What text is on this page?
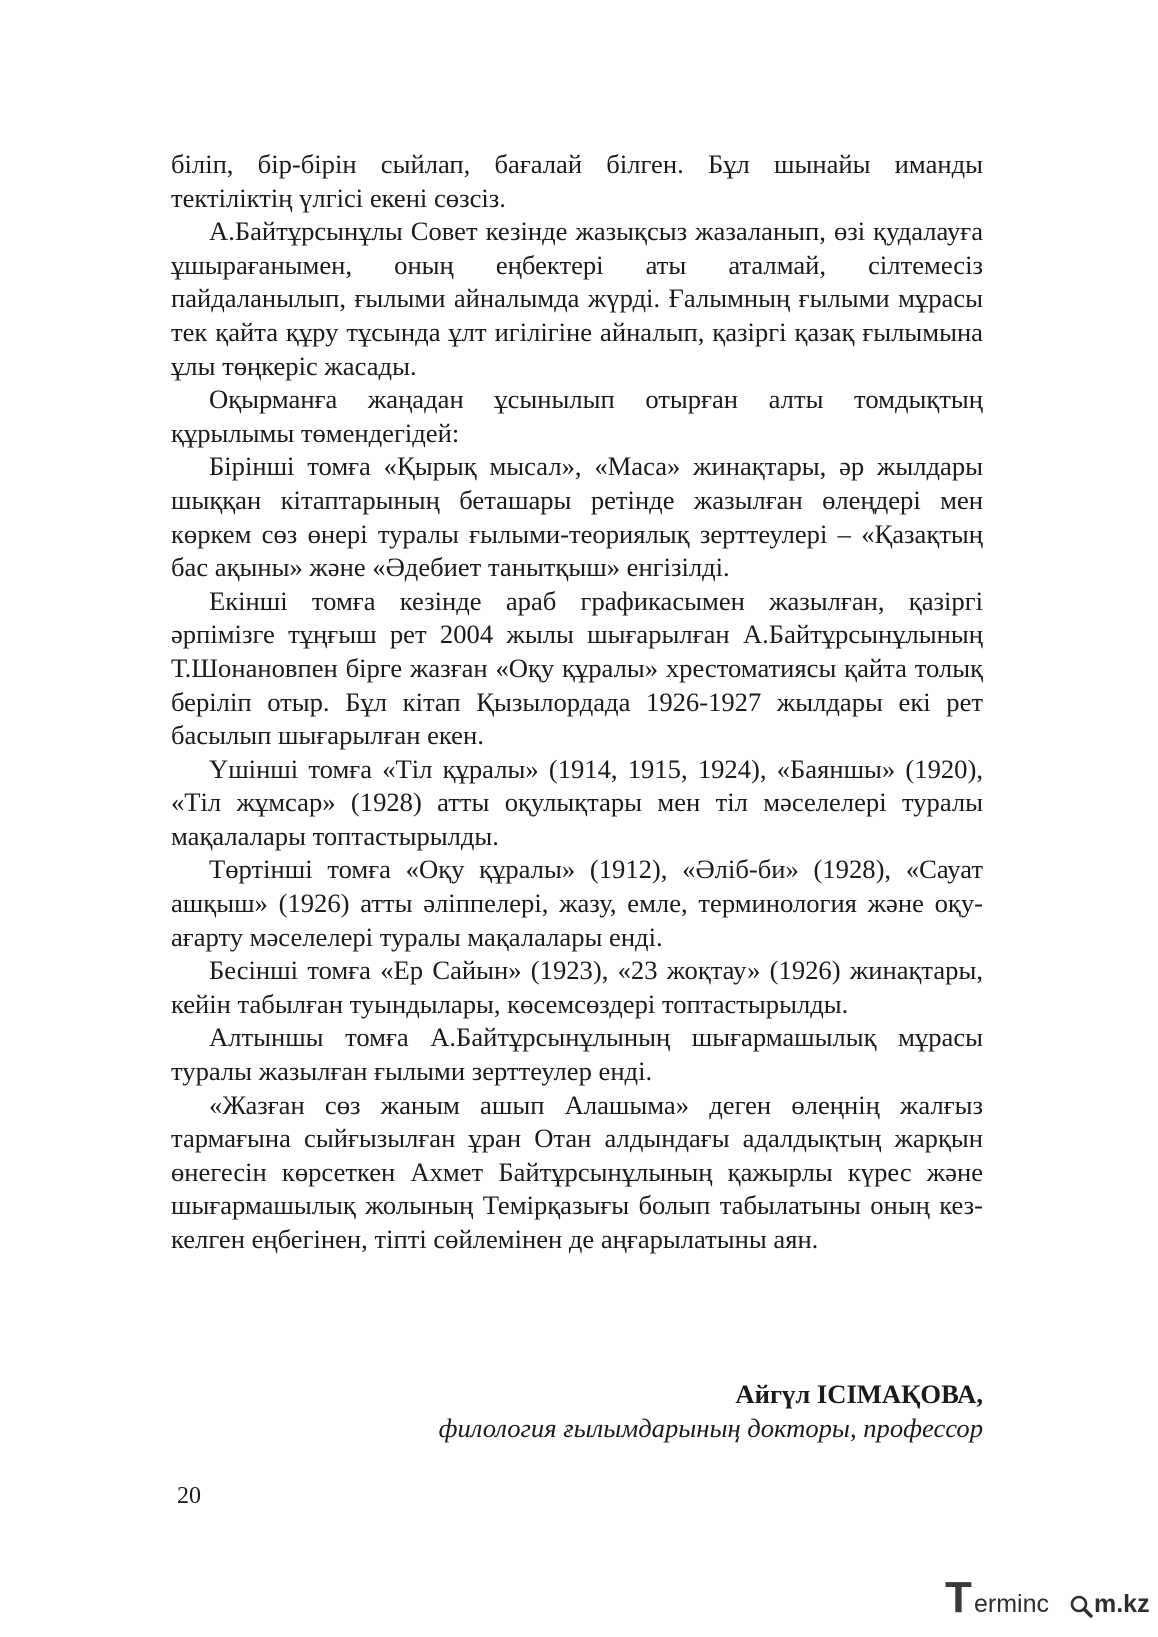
біліп, бір-бірін сыйлап, бағалай білген. Бұл шынайы иманды тектіліктің үлгісі екені сөзсіз.

А.Байтұрсынұлы Совет кезінде жазықсыз жазаланып, өзі қудалауға ұшырағанымен, оның еңбектері аты аталмай, сілтемесіз пайдаланылып, ғылыми айналымда жүрді. Ғалымның ғылыми мұрасы тек қайта құру тұсында ұлт игілігіне айналып, қазіргі қазақ ғылымына ұлы төңкеріс жасады.

Оқырманға жаңадан ұсынылып отырған алты томдықтың құрылымы төмендегідей:

Бірінші томға «Қырық мысал», «Маса» жинақтары, әр жылдары шыққан кітаптарының беташары ретінде жазылған өлеңдері мен көркем сөз өнері туралы ғылыми-теориялық зерттеулері – «Қазақтың бас ақыны» және «Әдебиет танытқыш» енгізілді.

Екінші томға кезінде араб графикасымен жазылған, қазіргі әрпімізге тұңғыш рет 2004 жылы шығарылған А.Байтұрсынұлының Т.Шонановпен бірге жазған «Оқу құралы» хрестоматиясы қайта толық беріліп отыр. Бұл кітап Қызылордада 1926-1927 жылдары екі рет басылып шығарылған екен.

Үшінші томға «Тіл құралы» (1914, 1915, 1924), «Баяншы» (1920), «Тіл жұмсар» (1928) атты оқулықтары мен тіл мәселелері туралы мақалалары топтастырылды.

Төртінші томға «Оқу құралы» (1912), «Әліб-би» (1928), «Сауат ашқыш» (1926) атты әліппелері, жазу, емле, терминология және оқу-ағарту мәселелері туралы мақалалары енді.

Бесінші томға «Ер Сайын» (1923), «23 жоқтау» (1926) жинақтары, кейін табылған туындылары, көсемсөздері топтастырылды.

Алтыншы томға А.Байтұрсынұлының шығармашылық мұрасы туралы жазылған ғылыми зерттеулер енді.

«Жазған сөз жаным ашып Алашыма» деген өлеңнің жалғыз тармағына сыйғызылған ұран Отан алдындағы адалдықтың жарқын өнегесін көрсеткен Ахмет Байтұрсынұлының қажырлы күрес және шығармашылық жолының Темірқазығы болып табылатыны оның кез-келген еңбегінен, тіпті сөйлемінен де аңғарылатыны аян.

Айгүл ІСІМАҚОВА,
филология ғылымдарының докторы, профессор
20
T erminc m.kz
